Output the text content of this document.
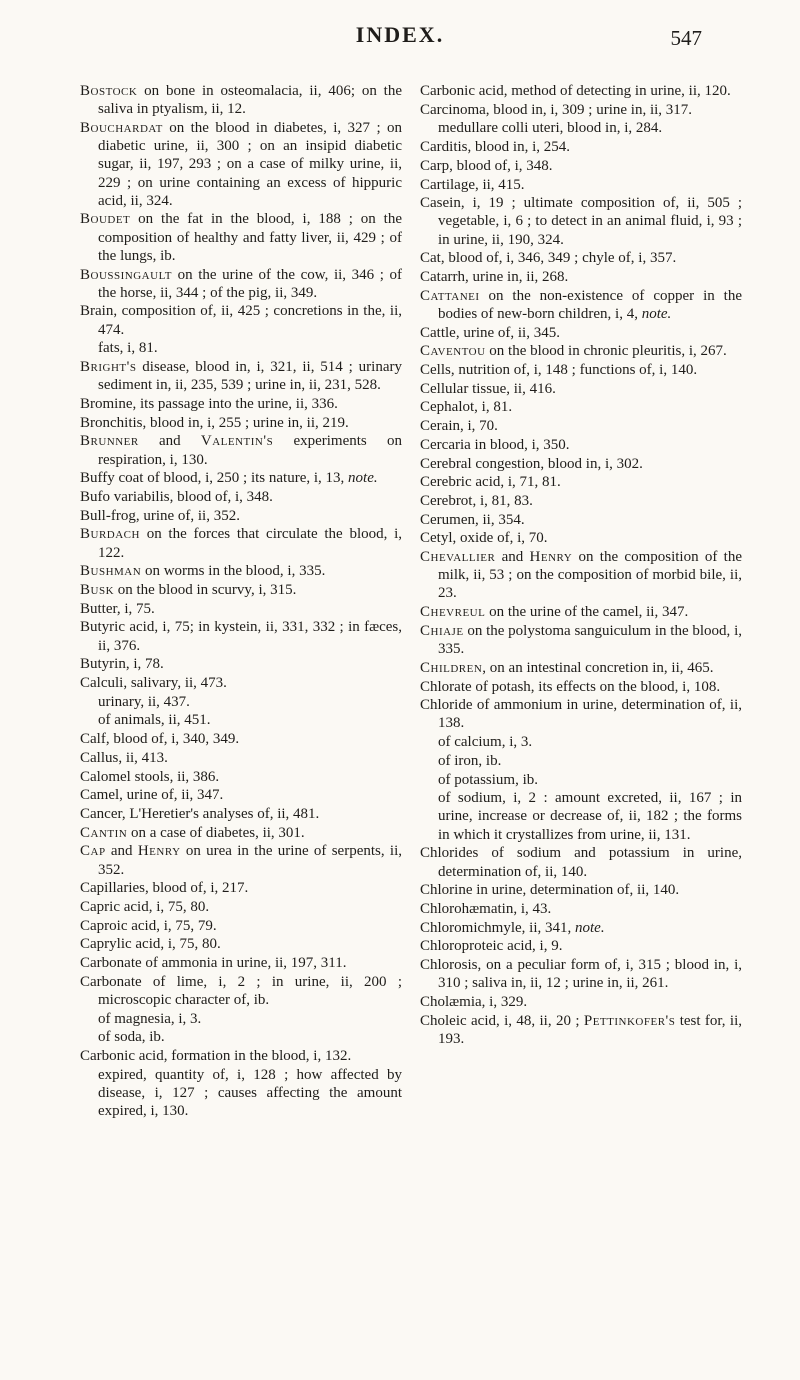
INDEX.	547
Bostock on bone in osteomalacia, ii, 406; on the saliva in ptyalism, ii, 12.
Bouchardat on the blood in diabetes, i, 327 ; on diabetic urine, ii, 300 ; on an insipid diabetic sugar, ii, 197, 293 ; on a case of milky urine, ii, 229 ; on urine containing an excess of hippuric acid, ii, 324.
Boudet on the fat in the blood, i, 188 ; on the composition of healthy and fatty liver, ii, 429 ; of the lungs, ib.
Boussingault on the urine of the cow, ii, 346 ; of the horse, ii, 344 ; of the pig, ii, 349.
Brain, composition of, ii, 425 ; concretions in the, ii, 474.
fats, i, 81.
Bright's disease, blood in, i, 321, ii, 514 ; urinary sediment in, ii, 235, 539 ; urine in, ii, 231, 528.
Bromine, its passage into the urine, ii, 336.
Bronchitis, blood in, i, 255 ; urine in, ii, 219.
Brunner and Valentin's experiments on respiration, i, 130.
Buffy coat of blood, i, 250 ; its nature, i, 13, note.
Bufo variabilis, blood of, i, 348.
Bull-frog, urine of, ii, 352.
Burdach on the forces that circulate the blood, i, 122.
Bushman on worms in the blood, i, 335.
Busk on the blood in scurvy, i, 315.
Butter, i, 75.
Butyric acid, i, 75; in kystein, ii, 331, 332 ; in fæces, ii, 376.
Butyrin, i, 78.
Calculi, salivary, ii, 473.
urinary, ii, 437.
of animals, ii, 451.
Calf, blood of, i, 340, 349.
Callus, ii, 413.
Calomel stools, ii, 386.
Camel, urine of, ii, 347.
Cancer, L'Heretier's analyses of, ii, 481.
Cantin on a case of diabetes, ii, 301.
Cap and Henry on urea in the urine of serpents, ii, 352.
Capillaries, blood of, i, 217.
Capric acid, i, 75, 80.
Caproic acid, i, 75, 79.
Caprylic acid, i, 75, 80.
Carbonate of ammonia in urine, ii, 197, 311.
Carbonate of lime, i, 2 ; in urine, ii, 200 ; microscopic character of, ib.
of magnesia, i, 3.
of soda, ib.
Carbonic acid, formation in the blood, i, 132.
expired, quantity of, i, 128 ; how affected by disease, i, 127 ; causes affecting the amount expired, i, 130.
Carbonic acid, method of detecting in urine, ii, 120.
Carcinoma, blood in, i, 309 ; urine in, ii, 317.
medullare colli uteri, blood in, i, 284.
Carditis, blood in, i, 254.
Carp, blood of, i, 348.
Cartilage, ii, 415.
Casein, i, 19 ; ultimate composition of, ii, 505 ; vegetable, i, 6 ; to detect in an animal fluid, i, 93 ; in urine, ii, 190, 324.
Cat, blood of, i, 346, 349 ; chyle of, i, 357.
Catarrh, urine in, ii, 268.
Cattanei on the non-existence of copper in the bodies of new-born children, i, 4, note.
Cattle, urine of, ii, 345.
Caventou on the blood in chronic pleuritis, i, 267.
Cells, nutrition of, i, 148 ; functions of, i, 140.
Cellular tissue, ii, 416.
Cephalot, i, 81.
Cerain, i, 70.
Cercaria in blood, i, 350.
Cerebral congestion, blood in, i, 302.
Cerebric acid, i, 71, 81.
Cerebrot, i, 81, 83.
Cerumen, ii, 354.
Cetyl, oxide of, i, 70.
Chevallier and Henry on the composition of the milk, ii, 53 ; on the composition of morbid bile, ii, 23.
Chevreul on the urine of the camel, ii, 347.
Chiaje on the polystoma sanguiculum in the blood, i, 335.
Children, on an intestinal concretion in, ii, 465.
Chlorate of potash, its effects on the blood, i, 108.
Chloride of ammonium in urine, determination of, ii, 138.
of calcium, i, 3.
of iron, ib.
of potassium, ib.
of sodium, i, 2 : amount excreted, ii, 167 ; in urine, increase or decrease of, ii, 182 ; the forms in which it crystallizes from urine, ii, 131.
Chlorides of sodium and potassium in urine, determination of, ii, 140.
Chlorine in urine, determination of, ii, 140.
Chlorohæmatin, i, 43.
Chloromichmyle, ii, 341, note.
Chloroproteic acid, i, 9.
Chlorosis, on a peculiar form of, i, 315 ; blood in, i, 310 ; saliva in, ii, 12 ; urine in, ii, 261.
Cholæmia, i, 329.
Choleic acid, i, 48, ii, 20 ; Pettinkofer's test for, ii, 193.
